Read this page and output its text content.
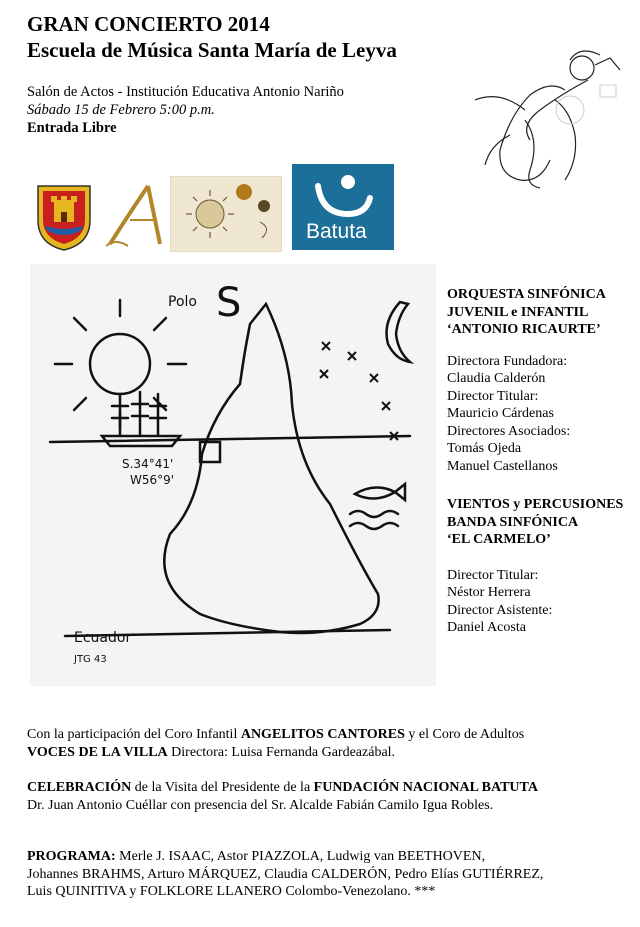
GRAN CONCIERTO 2014
Escuela de Música Santa María de Leyva
Salón de Actos - Institución Educativa Antonio Nariño
Sábado 15 de Febrero 5:00 p.m.
Entrada Libre
Batuta
Polo S
S.34°41'
W56°9'
Ecuador
JTG 43
ORQUESTA SINFÓNICA
JUVENIL e INFANTIL
‘ANTONIO RICAURTE’
Directora Fundadora:
Claudia Calderón
Director Titular:
Mauricio Cárdenas
Directores Asociados:
Tomás Ojeda
Manuel Castellanos
VIENTOS y PERCUSIONES
BANDA SINFÓNICA
‘EL CARMELO’
Director Titular:
Néstor Herrera
Director Asistente:
Daniel Acosta
Con la participación del Coro Infantil ANGELITOS CANTORES y el Coro de Adultos
VOCES DE LA VILLA Directora: Luisa Fernanda Gardeazábal.
CELEBRACIÓN de la Visita del Presidente de la FUNDACIÓN NACIONAL BATUTA
Dr. Juan Antonio Cuéllar con presencia del Sr. Alcalde Fabián Camilo Igua Robles.
PROGRAMA: Merle J. ISAAC, Astor PIAZZOLA, Ludwig van BEETHOVEN,
Johannes BRAHMS, Arturo MÁRQUEZ, Claudia CALDERÓN, Pedro Elías GUTIÉRREZ,
Luis QUINITIVA y FOLKLORE LLANERO Colombo-Venezolano. ***
